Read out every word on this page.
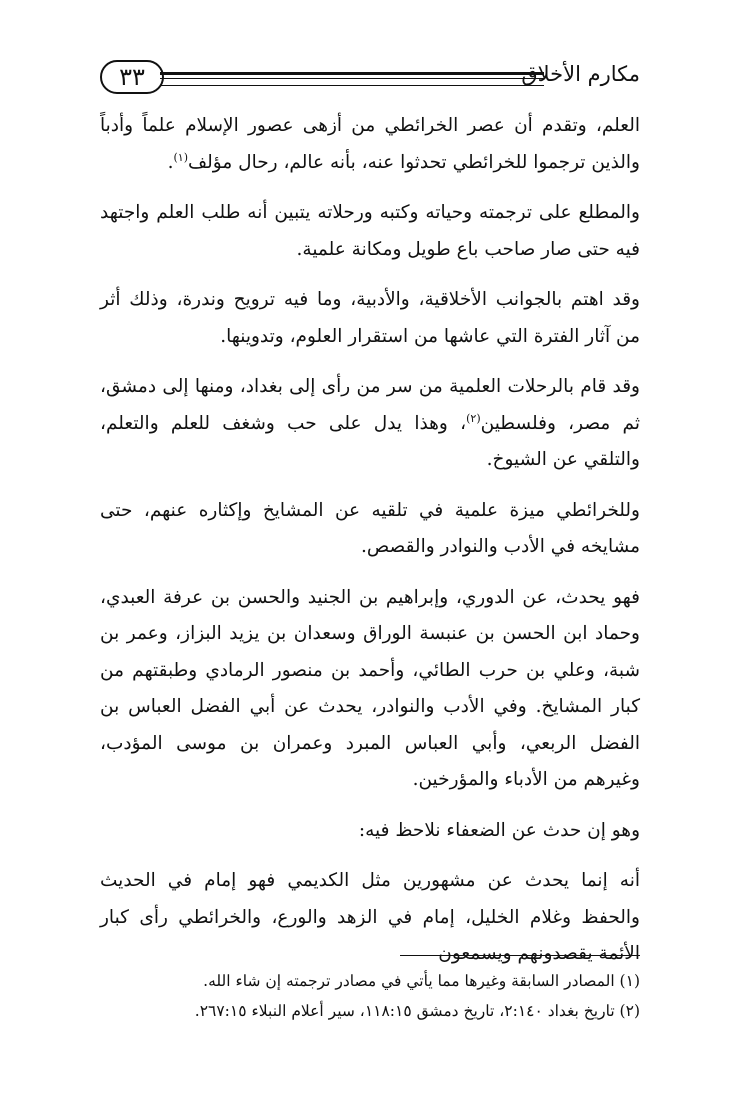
مكارم الأخلاق
٣٣

العلم، وتقدم أن عصر الخرائطي من أزهى عصور الإسلام علماً وأدباً والذين ترجموا للخرائطي تحدثوا عنه، بأنه عالم، رحال مؤلف$^{(١)}$.

والمطلع على ترجمته وحياته وكتبه ورحلاته يتبين أنه طلب العلم واجتهد فيه حتى صار صاحب باع طويل ومكانة علمية.

وقد اهتم بالجوانب الأخلاقية، والأدبية، وما فيه ترويح وندرة، وذلك أثر من آثار الفترة التي عاشها من استقرار العلوم، وتدوينها.

وقد قام بالرحلات العلمية من سر من رأى إلى بغداد، ومنها إلى دمشق، ثم مصر، وفلسطين$^{(٢)}$، وهذا يدل على حب وشغف للعلم والتعلم، والتلقي عن الشيوخ.

وللخرائطي ميزة علمية في تلقيه عن المشايخ وإكثاره عنهم، حتى مشايخه في الأدب والنوادر والقصص.

فهو يحدث، عن الدوري، وإبراهيم بن الجنيد والحسن بن عرفة العبدي، وحماد ابن الحسن بن عنبسة الوراق وسعدان بن يزيد البزاز، وعمر بن شبة، وعلي بن حرب الطائي، وأحمد بن منصور الرمادي وطبقتهم من كبار المشايخ. وفي الأدب والنوادر، يحدث عن أبي الفضل العباس بن الفضل الربعي، وأبي العباس المبرد وعمران بن موسى المؤدب، وغيرهم من الأدباء والمؤرخين.

وهو إن حدث عن الضعفاء نلاحظ فيه:

أنه إنما يحدث عن مشهورين مثل الكديمي فهو إمام في الحديث والحفظ وغلام الخليل، إمام في الزهد والورع، والخرائطي رأى كبار الأئمة يقصدونهم ويسمعون

(١) المصادر السابقة وغيرها مما يأتي في مصادر ترجمته إن شاء الله.

(٢) تاريخ بغداد ٢:١٤٠، تاريخ دمشق ١١٨:١٥، سير أعلام النبلاء ٢٦٧:١٥.
